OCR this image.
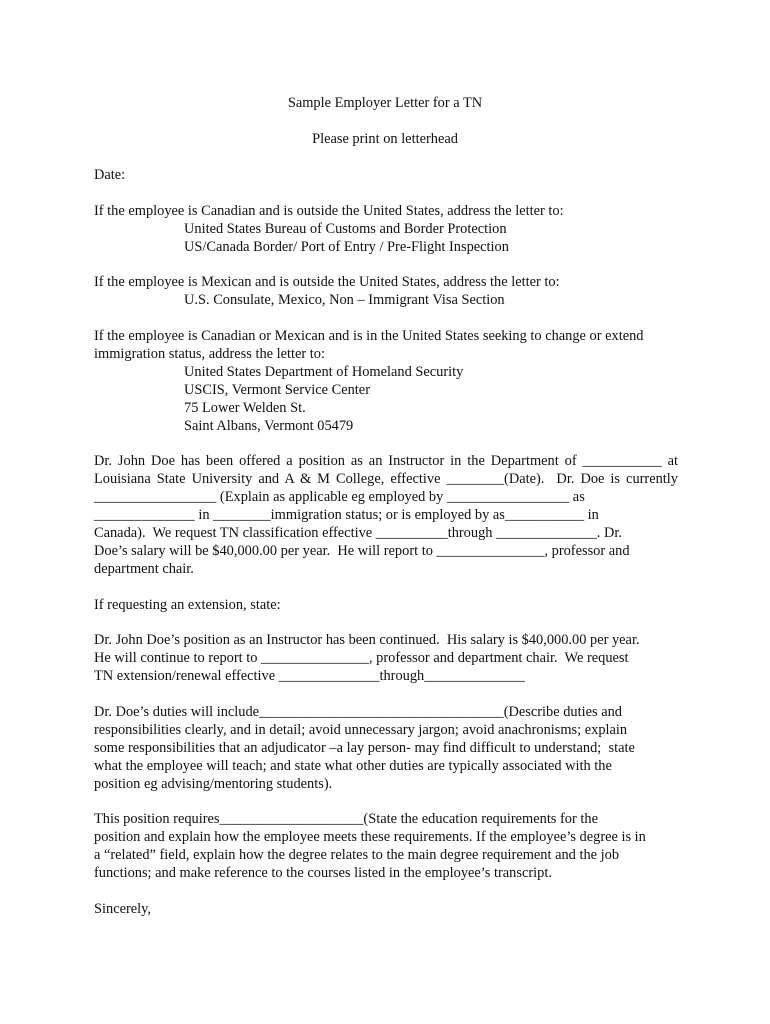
Sample Employer Letter for a TN
Please print on letterhead
Date:
If the employee is Canadian and is outside the United States, address the letter to:
United States Bureau of Customs and Border Protection
US/Canada Border/ Port of Entry / Pre-Flight Inspection
If the employee is Mexican and is outside the United States, address the letter to:
U.S. Consulate, Mexico, Non – Immigrant Visa Section
If the employee is Canadian or Mexican and is in the United States seeking to change or extend
immigration status, address the letter to:
United States Department of Homeland Security
USCIS, Vermont Service Center
75 Lower Welden St.
Saint Albans, Vermont 05479
Dr. John Doe has been offered a position as an Instructor in the Department of ___________ at
Louisiana State University and A & M College, effective ________(Date).  Dr. Doe is currently
_________________ (Explain as applicable eg employed by _________________ as
______________ in ________immigration status; or is employed by as___________ in
Canada).  We request TN classification effective __________through ______________. Dr.
Doe’s salary will be $40,000.00 per year.  He will report to _______________, professor and
department chair.
If requesting an extension, state:
Dr. John Doe’s position as an Instructor has been continued.  His salary is $40,000.00 per year.
He will continue to report to _______________, professor and department chair.  We request
TN extension/renewal effective ______________through______________
Dr. Doe’s duties will include__________________________________(Describe duties and
responsibilities clearly, and in detail; avoid unnecessary jargon; avoid anachronisms; explain
some responsibilities that an adjudicator –a lay person- may find difficult to understand;  state
what the employee will teach; and state what other duties are typically associated with the
position eg advising/mentoring students).
This position requires____________________(State the education requirements for the
position and explain how the employee meets these requirements. If the employee’s degree is in
a “related” field, explain how the degree relates to the main degree requirement and the job
functions; and make reference to the courses listed in the employee’s transcript.
Sincerely,
